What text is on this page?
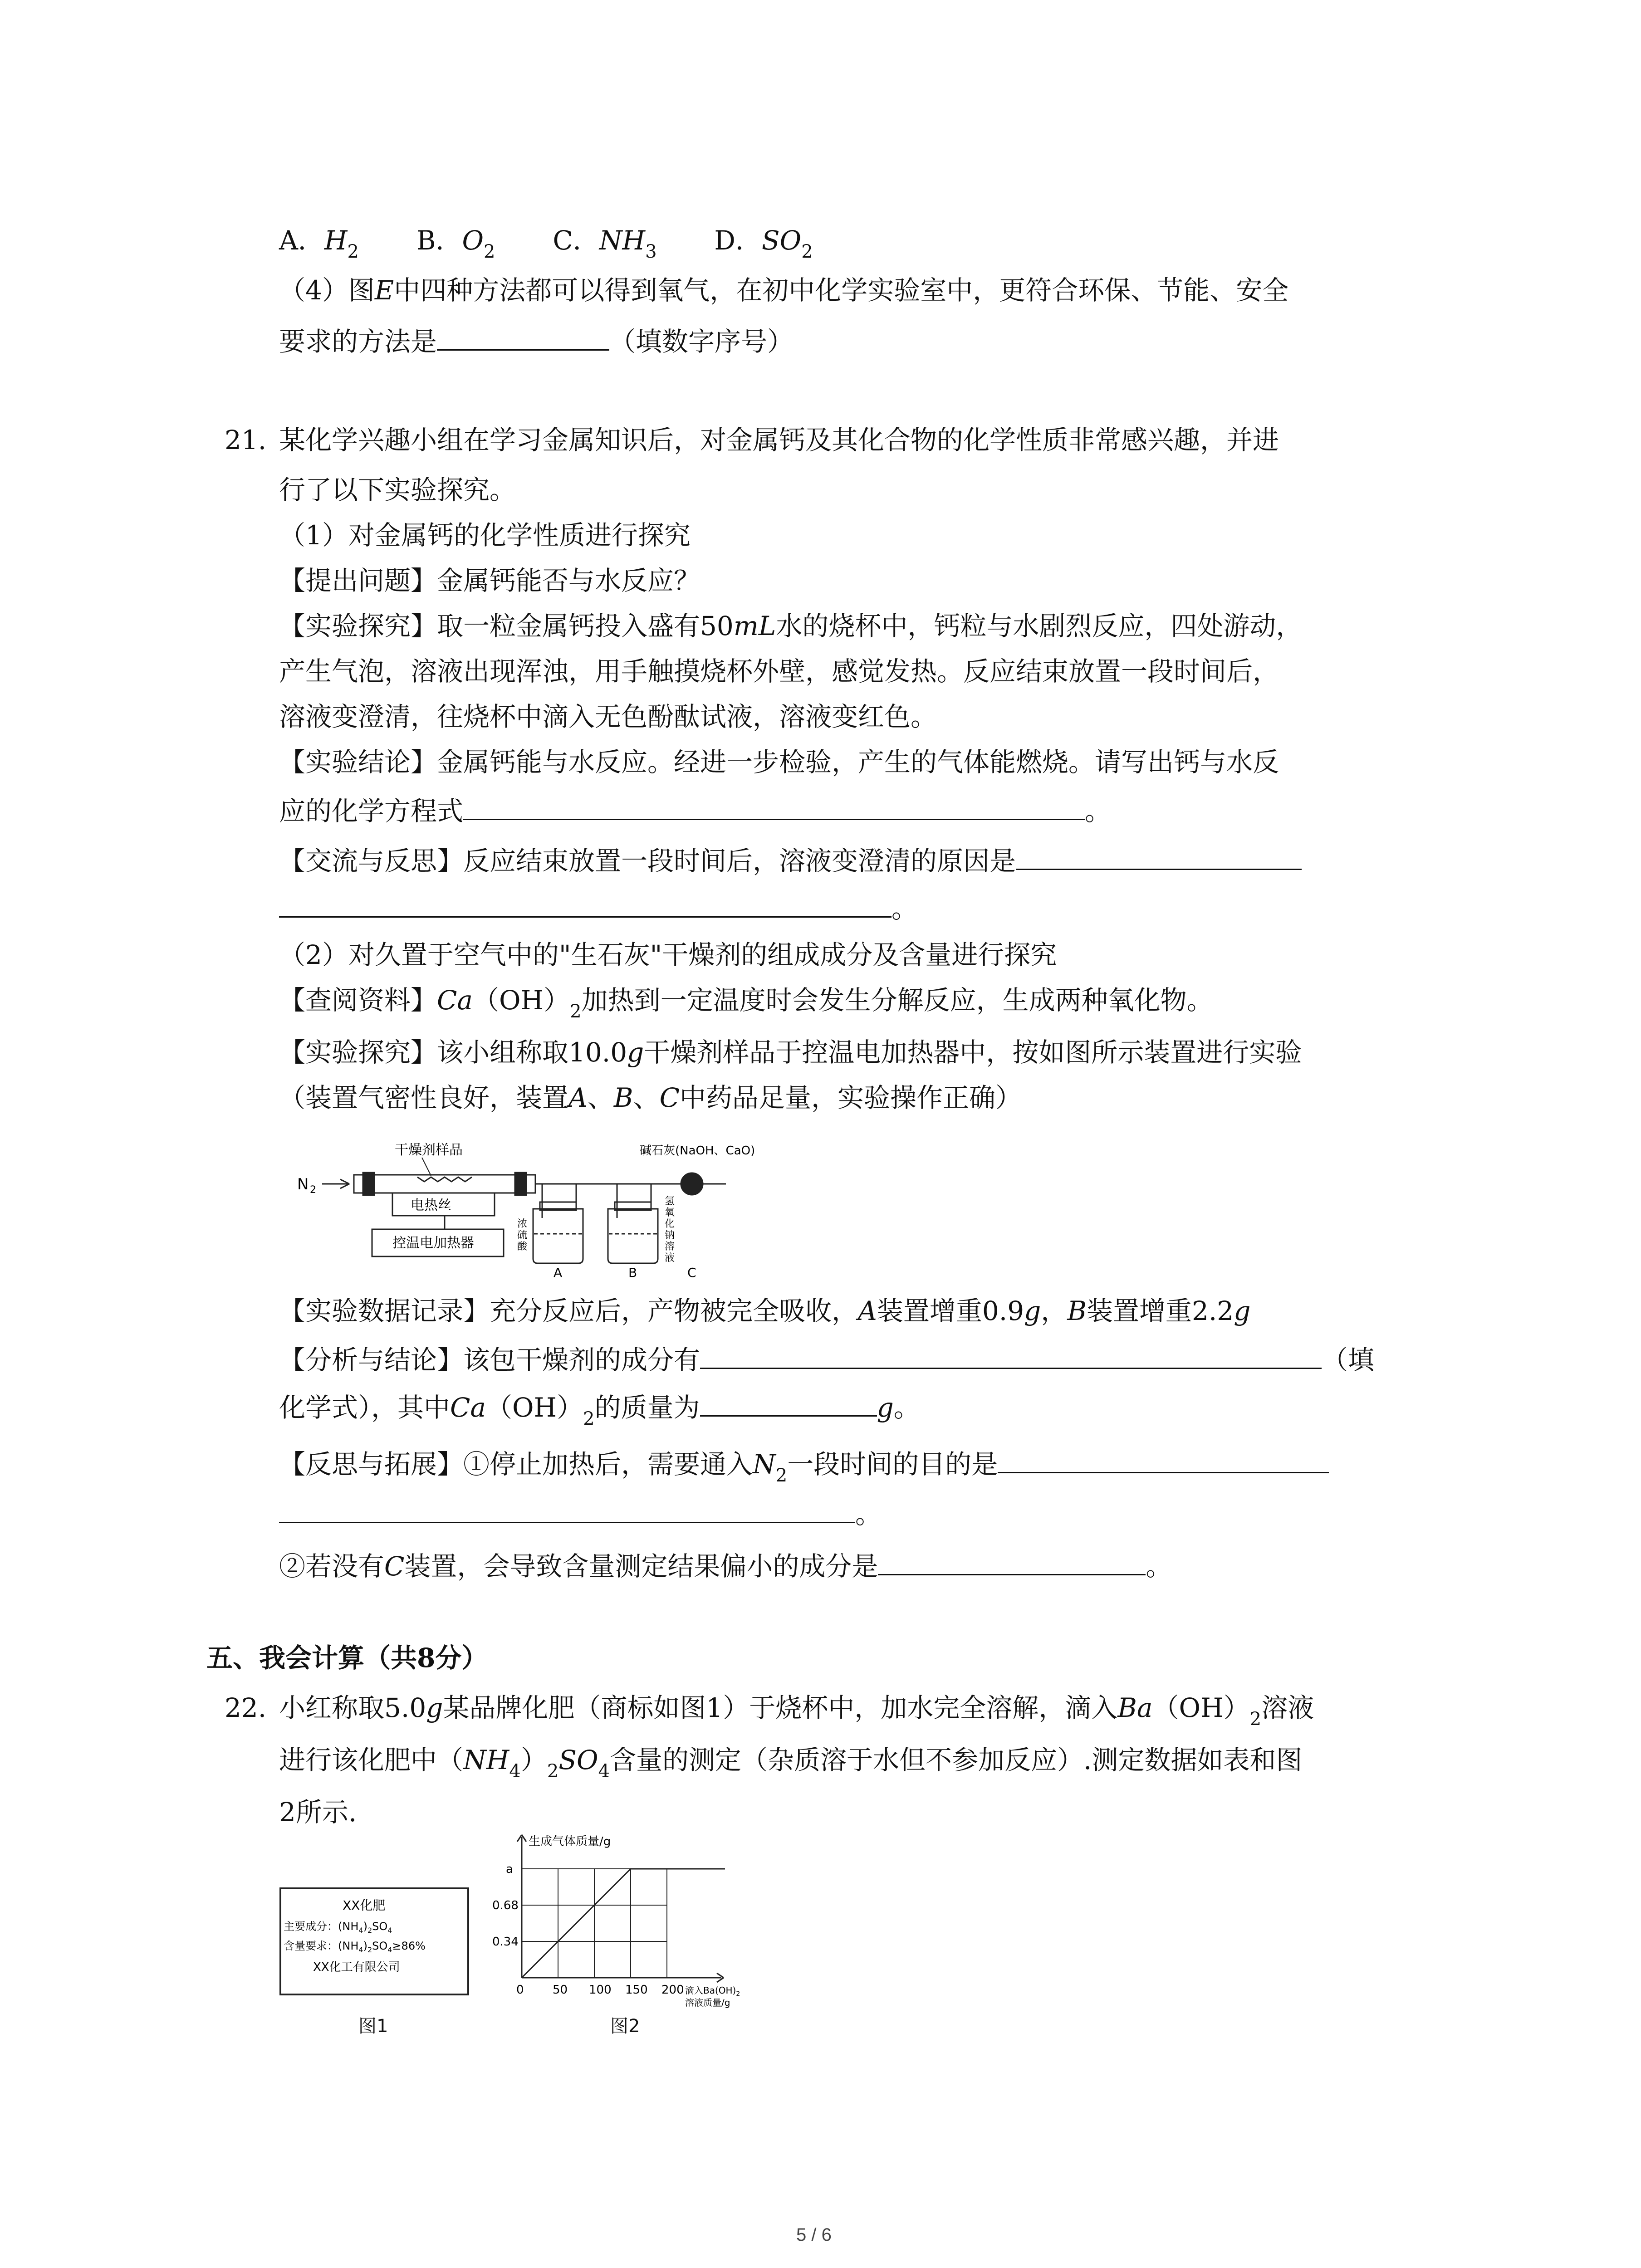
A．$H_2$ B．$O_2$ C．$NH_3$ D．$SO_2$
（4）图E中四种方法都可以得到氧气，在初中化学实验室中，更符合环保、节能、安全
要求的方法是	（填数字序号）
21. 某化学兴趣小组在学习金属知识后，对金属钙及其化合物的化学性质非常感兴趣，并进
行了以下实验探究。
（1）对金属钙的化学性质进行探究
【提出问题】金属钙能否与水反应？
【实验探究】取一粒金属钙投入盛有50mL水的烧杯中，钙粒与水剧烈反应，四处游动，
产生气泡，溶液出现浑浊，用手触摸烧杯外壁，感觉发热。反应结束放置一段时间后，
溶液变澄清，往烧杯中滴入无色酚酞试液，溶液变红色。
【实验结论】金属钙能与水反应。经进一步检验，产生的气体能燃烧。请写出钙与水反
应的化学方程式	。
【交流与反思】反应结束放置一段时间后，溶液变澄清的原因是
。
（2）对久置于空气中的"生石灰"干燥剂的组成成分及含量进行探究
【查阅资料】$Ca(OH)_2$加热到一定温度时会发生分解反应，生成两种氧化物。
【实验探究】该小组称取10.0g干燥剂样品于控温电加热器中，按如图所示装置进行实验
（装置气密性良好，装置A、B、C中药品足量，实验操作正确）
N 2
干燥剂样品
电热丝
控温电加热器
碱石灰(NaOH、CaO)
浓
硫
酸
氢
氧
化
钠
溶
液
A	B	C
【实验数据记录】充分反应后，产物被完全吸收，A装置增重0.9g，B装置增重2.2g
【分析与结论】该包干燥剂的成分有	（填
化学式），其中$Ca(OH)_2$的质量为	g。
【反思与拓展】①停止加热后，需要通入$N_2$一段时间的目的是
。
②若没有C装置，会导致含量测定结果偏小的成分是	。
五、我会计算（共8分）
22. 小红称取5.0g某品牌化肥（商标如图1）于烧杯中，加水完全溶解，滴入$Ba(OH)_2$溶液
进行该化肥中$(NH_4)_2SO_4$含量的测定（杂质溶于水但不参加反应）.测定数据如表和图
2所示.
XX化肥
主要成分：$(NH_4)_2SO_4$
含量要求：$(NH_4)_2SO_4\ge 86\%$
XX化工有限公司
图1
生成气体质量/g
滴入$Ba(OH)_2$
溶液质量/g
0 50 100 150 200
0.34
0.68
a
图2
5 / 6
